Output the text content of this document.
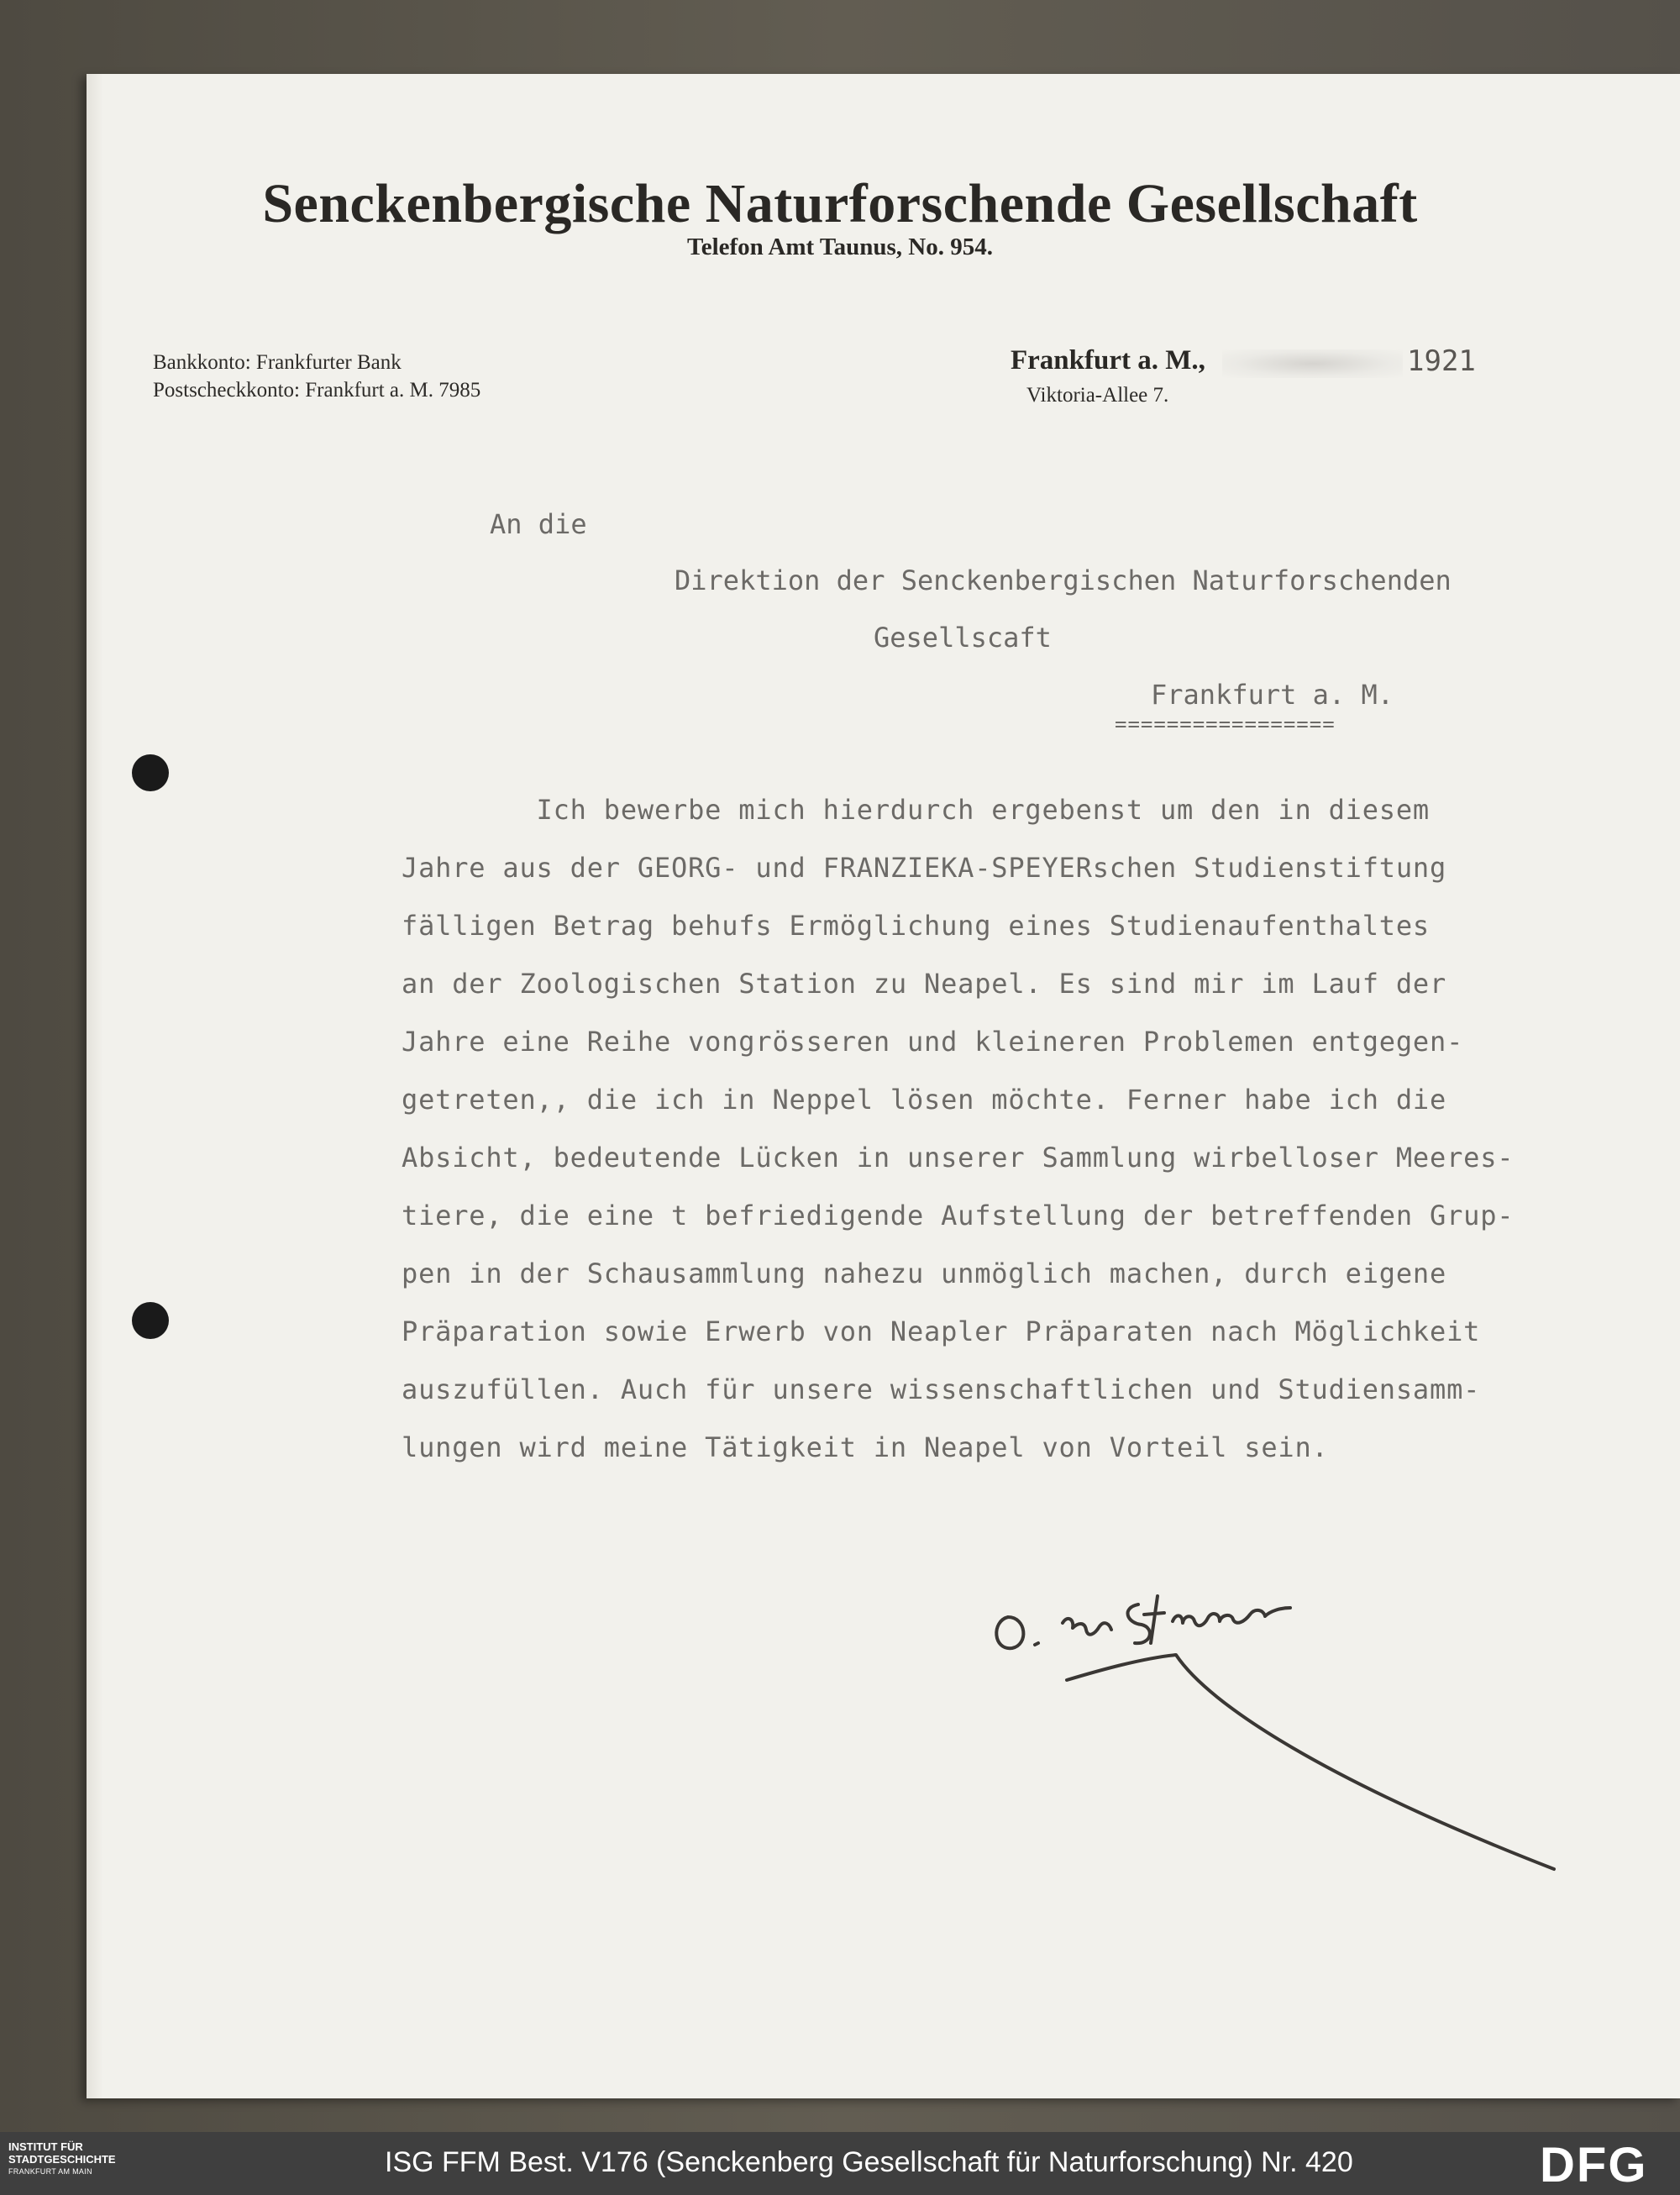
Senckenbergische Naturforschende Gesellschaft
Telefon Amt Taunus, No. 954.
Bankkonto: Frankfurter Bank
Postscheckkonto: Frankfurt a. M. 7985
Frankfurt a. M.,
Viktoria-Allee 7.
1921
An die
Direktion der Senckenbergischen Naturforschenden
Gesellscaft
Frankfurt a. M.
=================
Ich bewerbe mich hierdurch ergebenst um den in diesem
Jahre aus der GEORG- und FRANZIEKA-SPEYERschen Studienstiftung
fälligen Betrag behufs Ermöglichung eines Studienaufenthaltes
an der Zoologischen Station zu Neapel. Es sind mir im Lauf der
Jahre eine Reihe vongrösseren und kleineren Problemen entgegen-
getreten,, die ich in Neppel lösen möchte. Ferner habe ich die
Absicht, bedeutende Lücken in unserer Sammlung wirbelloser Meeres-
tiere, die eine t befriedigende Aufstellung der betreffenden Grup-
pen in der Schausammlung nahezu unmöglich machen, durch eigene
Präparation sowie Erwerb von Neapler Präparaten nach Möglichkeit
auszufüllen. Auch für unsere wissenschaftlichen und Studiensamm-
lungen wird meine Tätigkeit in Neapel von Vorteil sein.
INSTITUT FÜR
STADTGESCHICHTE
FRANKFURT AM MAIN	ISG FFM Best. V176 (Senckenberg Gesellschaft für Naturforschung) Nr. 420	DFG
